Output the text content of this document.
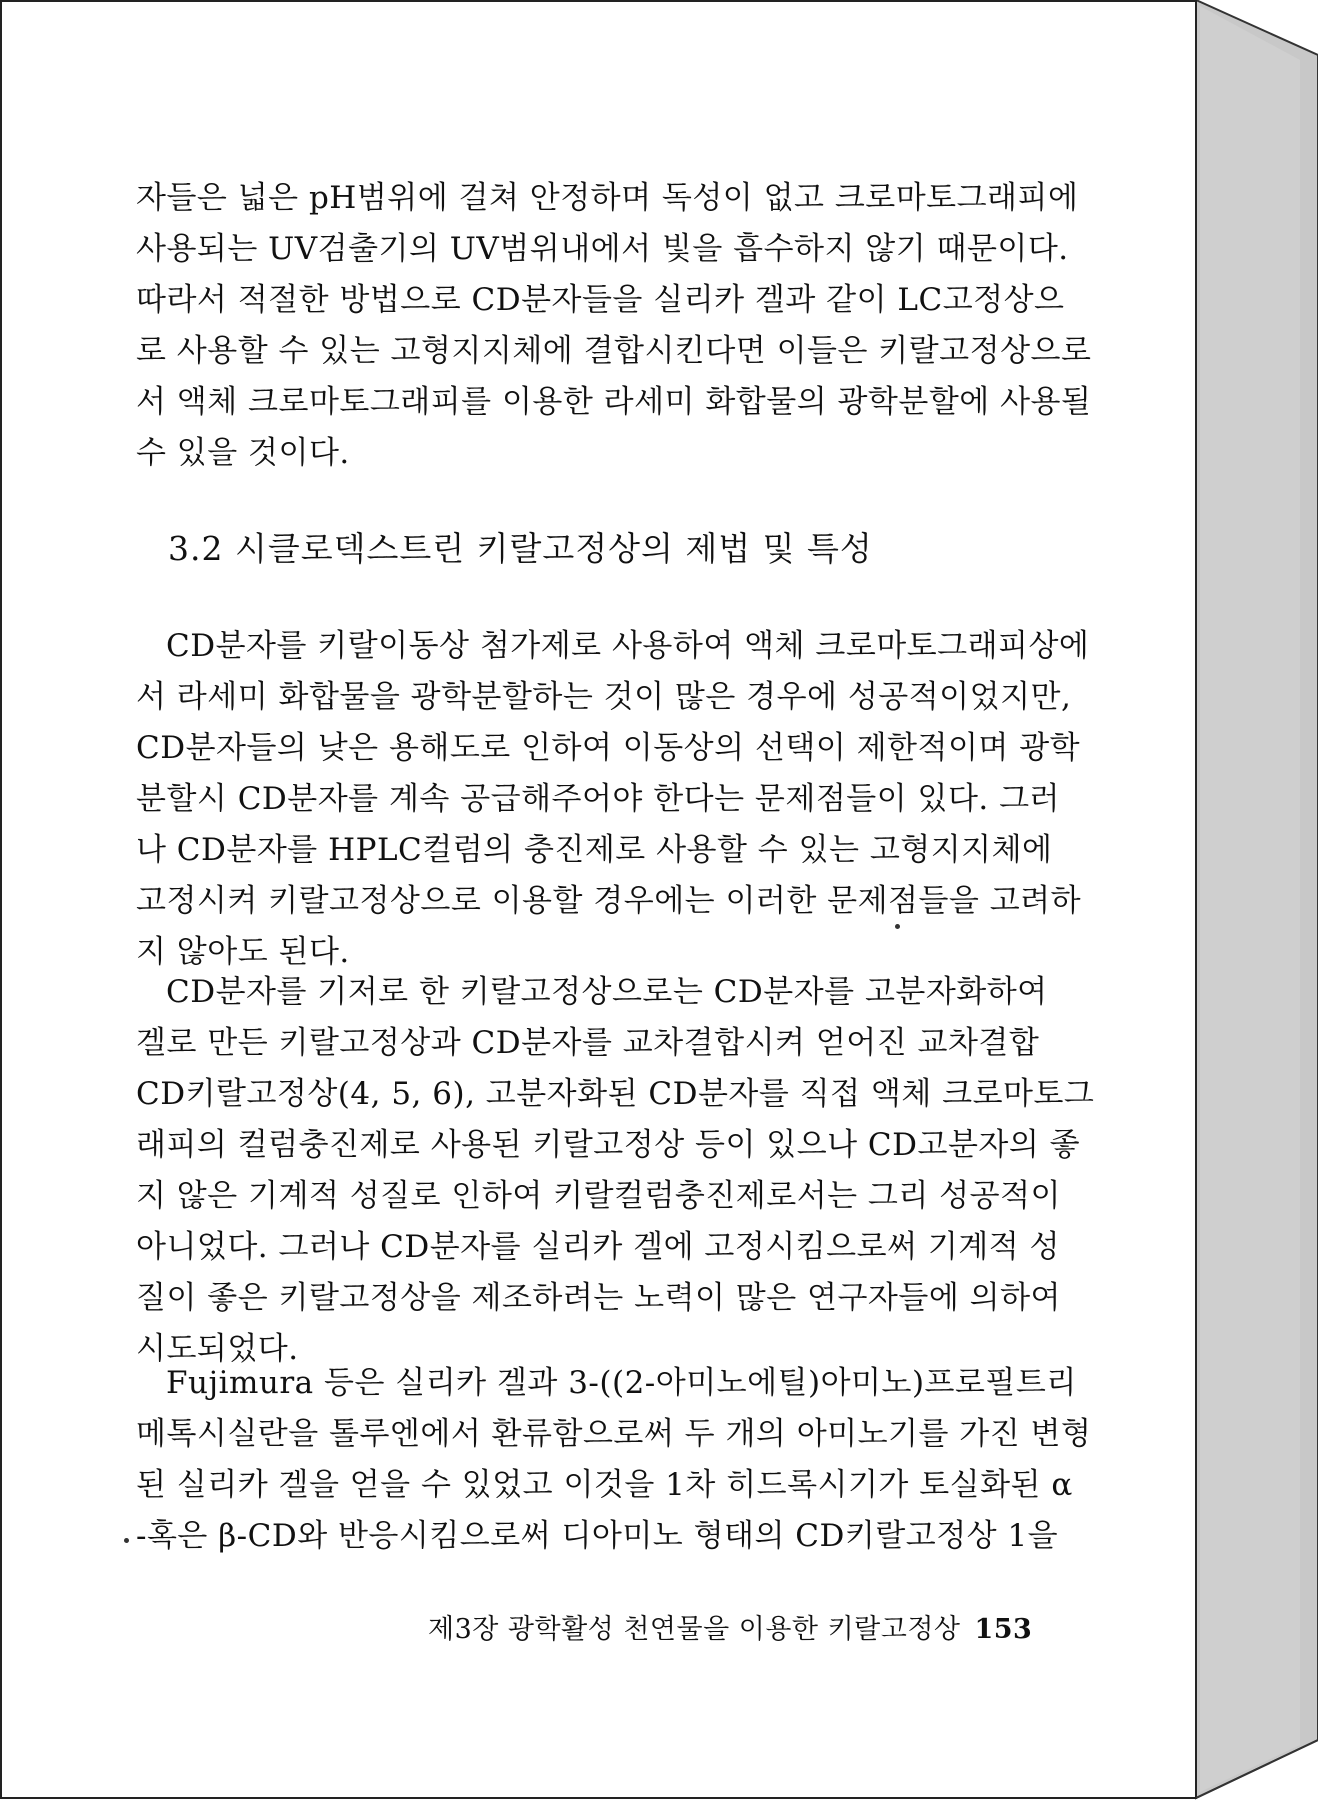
자들은 넓은 pH범위에 걸쳐 안정하며 독성이 없고 크로마토그래피에
사용되는 UV검출기의 UV범위내에서 빛을 흡수하지 않기 때문이다.
따라서 적절한 방법으로 CD분자들을 실리카 겔과 같이 LC고정상으
로 사용할 수 있는 고형지지체에 결합시킨다면 이들은 키랄고정상으로
서 액체 크로마토그래피를 이용한 라세미 화합물의 광학분할에 사용될
수 있을 것이다.
3.2 시클로덱스트린 키랄고정상의 제법 및 특성
CD분자를 키랄이동상 첨가제로 사용하여 액체 크로마토그래피상에
서 라세미 화합물을 광학분할하는 것이 많은 경우에 성공적이었지만,
CD분자들의 낮은 용해도로 인하여 이동상의 선택이 제한적이며 광학
분할시 CD분자를 계속 공급해주어야 한다는 문제점들이 있다. 그러
나 CD분자를 HPLC컬럼의 충진제로 사용할 수 있는 고형지지체에
고정시켜 키랄고정상으로 이용할 경우에는 이러한 문제점들을 고려하
지 않아도 된다.
CD분자를 기저로 한 키랄고정상으로는 CD분자를 고분자화하여
겔로 만든 키랄고정상과 CD분자를 교차결합시켜 얻어진 교차결합
CD키랄고정상(4, 5, 6), 고분자화된 CD분자를 직접 액체 크로마토그
래피의 컬럼충진제로 사용된 키랄고정상 등이 있으나 CD고분자의 좋
지 않은 기계적 성질로 인하여 키랄컬럼충진제로서는 그리 성공적이
아니었다. 그러나 CD분자를 실리카 겔에 고정시킴으로써 기계적 성
질이 좋은 키랄고정상을 제조하려는 노력이 많은 연구자들에 의하여
시도되었다.
Fujimura 등은 실리카 겔과 3-((2-아미노에틸)아미노)프로필트리
메톡시실란을 톨루엔에서 환류함으로써 두 개의 아미노기를 가진 변형
된 실리카 겔을 얻을 수 있었고 이것을 1차 히드록시기가 토실화된 α
-혹은 β-CD와 반응시킴으로써 디아미노 형태의 CD키랄고정상 1을
제3장 광학활성 천연물을 이용한 키랄고정상 153
